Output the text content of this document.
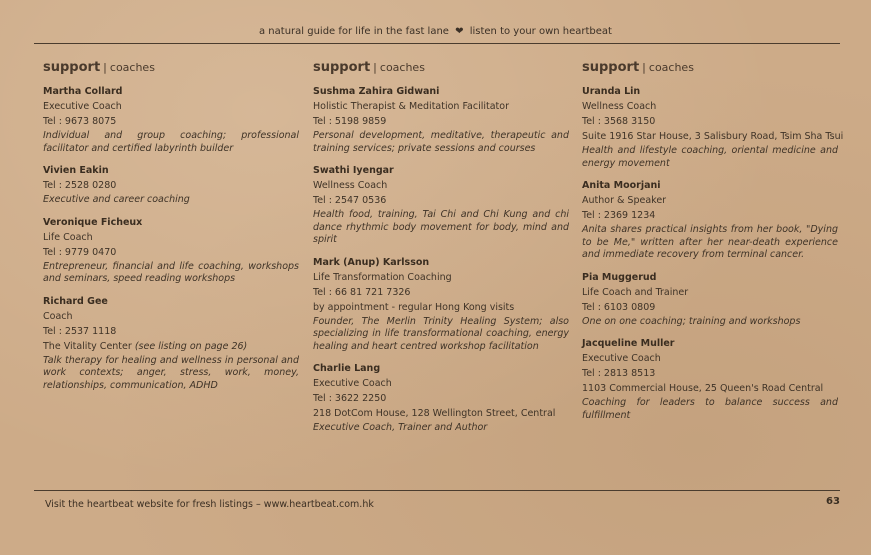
a natural guide for life in the fast lane ❤ listen to your own heartbeat
support | coaches
Martha Collard
Executive Coach
Tel : 9673 8075
Individual and group coaching; professional facilitator and certified labyrinth builder
Vivien Eakin
Tel : 2528 0280
Executive and career coaching
Veronique Ficheux
Life Coach
Tel : 9779 0470
Entrepreneur, financial and life coaching, workshops and seminars, speed reading workshops
Richard Gee
Coach
Tel : 2537 1118
The Vitality Center (see listing on page 26)
Talk therapy for healing and wellness in personal and work contexts; anger, stress, work, money, relationships, communication, ADHD
support | coaches
Sushma Zahira Gidwani
Holistic Therapist & Meditation Facilitator
Tel : 5198 9859
Personal development, meditative, therapeutic and training services; private sessions and courses
Swathi Iyengar
Wellness Coach
Tel : 2547 0536
Health food, training, Tai Chi and Chi Kung and chi dance rhythmic body movement for body, mind and spirit
Mark (Anup) Karlsson
Life Transformation Coaching
Tel : 66 81 721 7326
by appointment - regular Hong Kong visits
Founder, The Merlin Trinity Healing System; also specializing in life transformational coaching, energy healing and heart centred workshop facilitation
Charlie Lang
Executive Coach
Tel : 3622 2250
218 DotCom House, 128 Wellington Street, Central
Executive Coach, Trainer and Author
support | coaches
Uranda Lin
Wellness Coach
Tel : 3568 3150
Suite 1916 Star House, 3 Salisbury Road, Tsim Sha Tsui
Health and lifestyle coaching, oriental medicine and energy movement
Anita Moorjani
Author & Speaker
Tel : 2369 1234
Anita shares practical insights from her book, "Dying to be Me," written after her near-death experience and immediate recovery from terminal cancer.
Pia Muggerud
Life Coach and Trainer
Tel : 6103 0809
One on one coaching; training and workshops
Jacqueline Muller
Executive Coach
Tel : 2813 8513
1103 Commercial House, 25 Queen's Road Central
Coaching for leaders to balance success and fulfillment
Visit the heartbeat website for fresh listings – www.heartbeat.com.hk	63
